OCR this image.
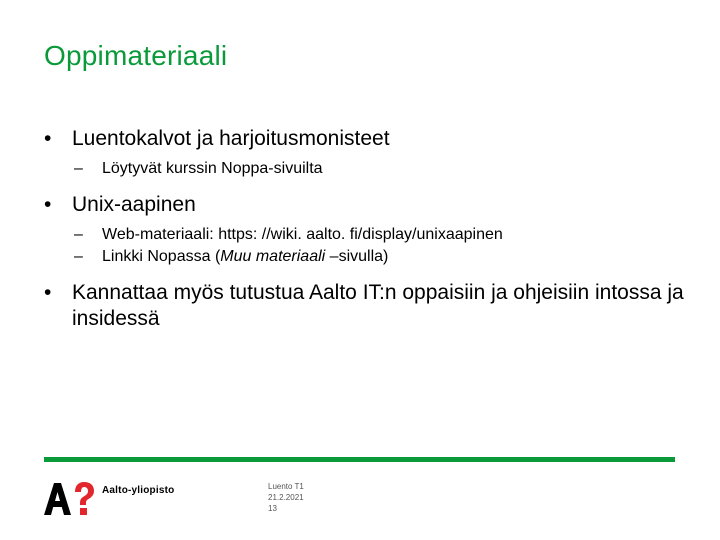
Oppimateriaali
• Luentokalvot ja harjoitusmonisteet
– Löytyvät kurssin Noppa-sivuilta
• Unix-aapinen
– Web-materiaali: https: //wiki. aalto. fi/display/unixaapinen
– Linkki Nopassa (Muu materiaali –sivulla)
• Kannattaa myös tutustua Aalto IT:n oppaisiin ja ohjeisiin intossa ja insidessä
Aalto-yliopisto	Luento T1
21.2.2021
13
